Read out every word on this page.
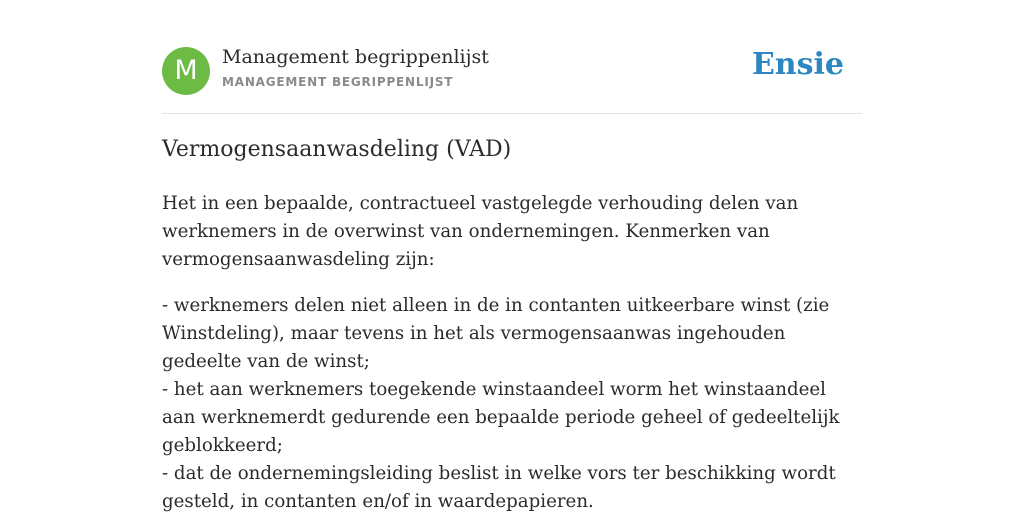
M	Management begrippenlijst
MANAGEMENT BEGRIPPENLIJST	Ensie
Vermogensaanwasdeling (VAD)

Het in een bepaalde, contractueel vastgelegde verhouding delen van werknemers in de overwinst van ondernemingen. Kenmerken van vermogensaanwasdeling zijn:

- werknemers delen niet alleen in de in contanten uitkeerbare winst (zie Winstdeling), maar tevens in het als vermogensaanwas ingehouden gedeelte van de winst;
- het aan werknemers toegekende winstaandeel worm het winstaandeel aan werknemerdt gedurende een bepaalde periode geheel of gedeeltelijk geblokkeerd;
- dat de ondernemingsleiding beslist in welke vors ter beschikking wordt gesteld, in contanten en/of in waardepapieren.
